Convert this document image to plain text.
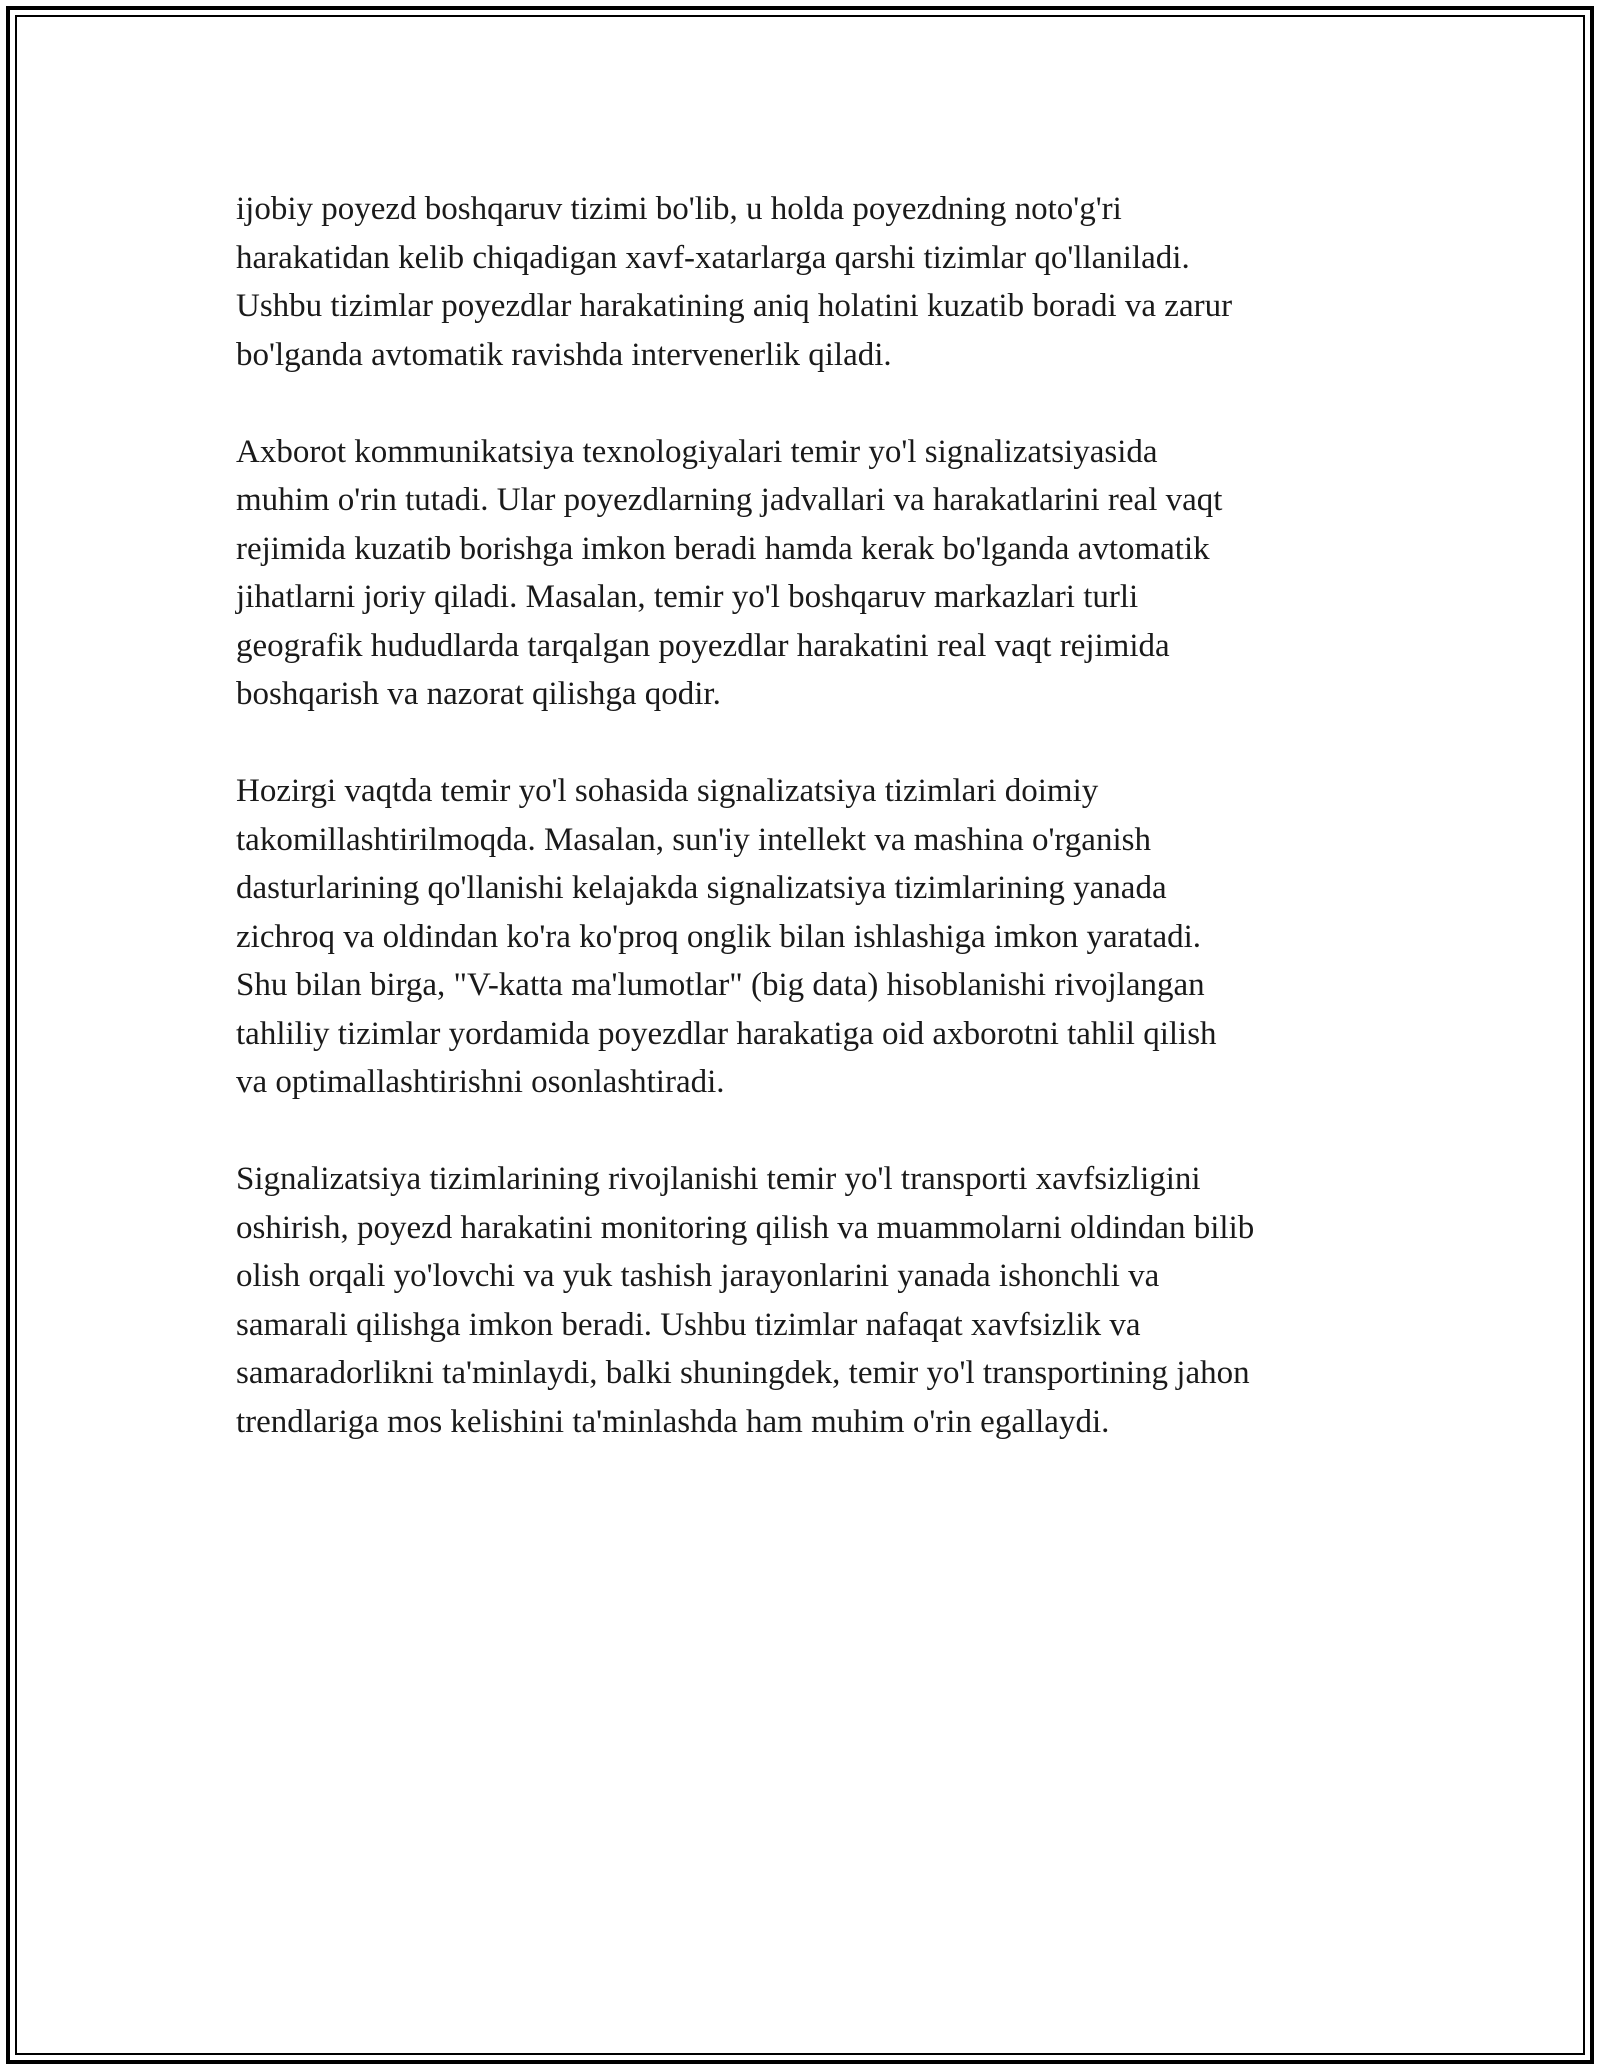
ijobiy poyezd boshqaruv tizimi bo'lib, u holda poyezdning noto'g'ri
harakatidan kelib chiqadigan xavf-xatarlarga qarshi tizimlar qo'llaniladi.
Ushbu tizimlar poyezdlar harakatining aniq holatini kuzatib boradi va zarur
bo'lganda avtomatik ravishda intervenerlik qiladi.

Axborot kommunikatsiya texnologiyalari temir yo'l signalizatsiyasida
muhim o'rin tutadi. Ular poyezdlarning jadvallari va harakatlarini real vaqt
rejimida kuzatib borishga imkon beradi hamda kerak bo'lganda avtomatik
jihatlarni joriy qiladi. Masalan, temir yo'l boshqaruv markazlari turli
geografik hududlarda tarqalgan poyezdlar harakatini real vaqt rejimida
boshqarish va nazorat qilishga qodir.

Hozirgi vaqtda temir yo'l sohasida signalizatsiya tizimlari doimiy
takomillashtirilmoqda. Masalan, sun'iy intellekt va mashina o'rganish
dasturlarining qo'llanishi kelajakda signalizatsiya tizimlarining yanada
zichroq va oldindan ko'ra ko'proq onglik bilan ishlashiga imkon yaratadi.
Shu bilan birga, "V-katta ma'lumotlar" (big data) hisoblanishi rivojlangan
tahliliy tizimlar yordamida poyezdlar harakatiga oid axborotni tahlil qilish
va optimallashtirishni osonlashtiradi.

Signalizatsiya tizimlarining rivojlanishi temir yo'l transporti xavfsizligini
oshirish, poyezd harakatini monitoring qilish va muammolarni oldindan bilib
olish orqali yo'lovchi va yuk tashish jarayonlarini yanada ishonchli va
samarali qilishga imkon beradi. Ushbu tizimlar nafaqat xavfsizlik va
samaradorlikni ta'minlaydi, balki shuningdek, temir yo'l transportining jahon
trendlariga mos kelishini ta'minlashda ham muhim o'rin egallaydi.
